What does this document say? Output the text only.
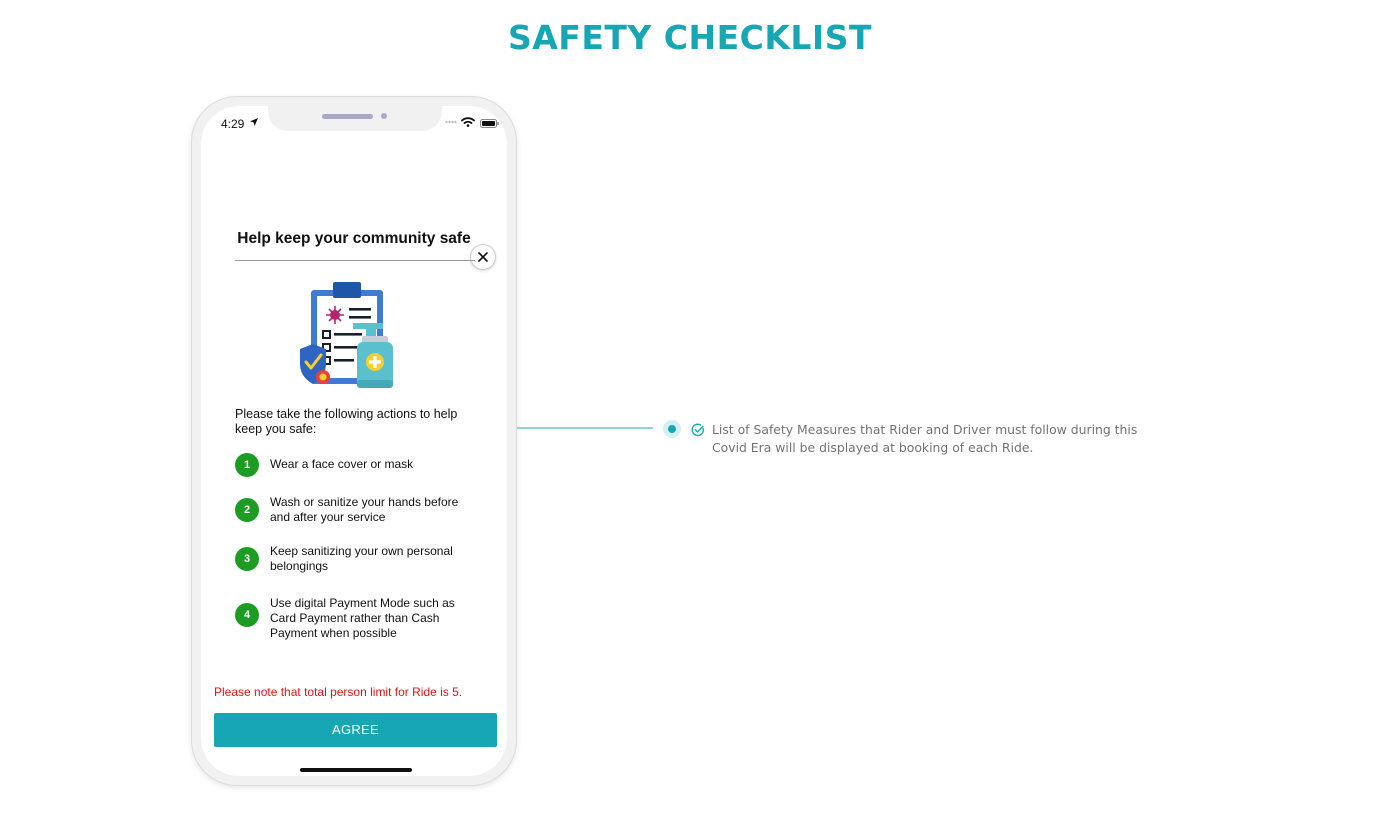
SAFETY CHECKLIST
4:29
Help keep your community safe
Please take the following actions to help keep you safe:
1	Wear a face cover or mask
2
Wash or sanitize your hands before and after your service
3
Keep sanitizing your own personal belongings
4
Use digital Payment Mode such as Card Payment rather than Cash Payment when possible
Please note that total person limit for Ride is 5.
AGREE
List of Safety Measures that Rider and Driver must follow during this Covid Era will be displayed at booking of each Ride.
